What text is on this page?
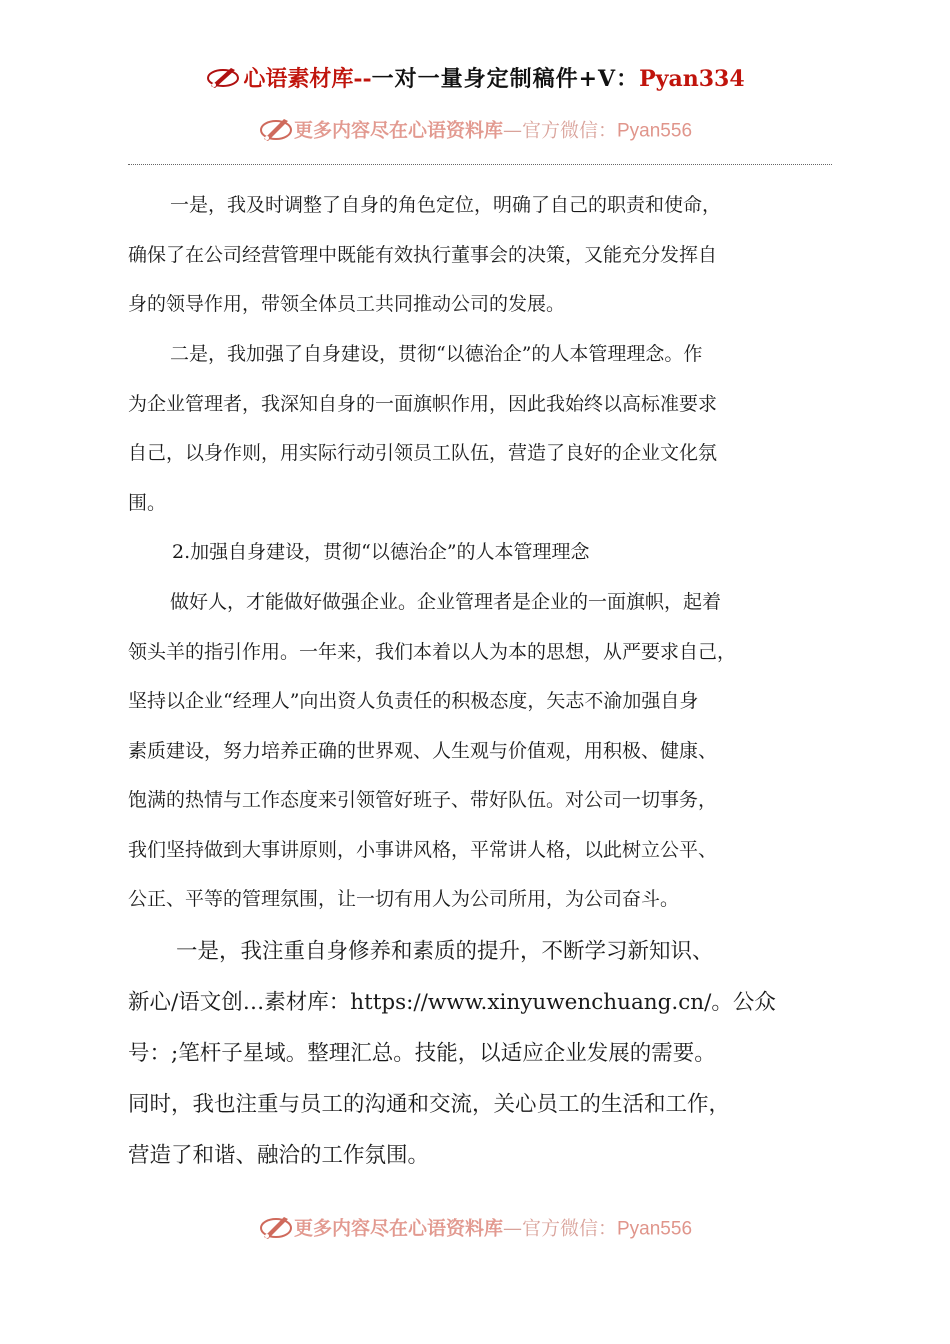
心语素材库--一对一量身定制稿件+V：Pyan334
更多内容尽在心语资料库—官方微信：Pyan556
一是，我及时调整了自身的角色定位，明确了自己的职责和使命，
确保了在公司经营管理中既能有效执行董事会的决策，又能充分发挥自
身的领导作用，带领全体员工共同推动公司的发展。
二是，我加强了自身建设，贯彻“以德治企”的人本管理理念。作
为企业管理者，我深知自身的一面旗帜作用，因此我始终以高标准要求
自己，以身作则，用实际行动引领员工队伍，营造了良好的企业文化氛
围。
2.加强自身建设，贯彻“以德治企”的人本管理理念
做好人，才能做好做强企业。企业管理者是企业的一面旗帜，起着
领头羊的指引作用。一年来，我们本着以人为本的思想，从严要求自己，
坚持以企业“经理人”向出资人负责任的积极态度，矢志不渝加强自身
素质建设，努力培养正确的世界观、人生观与价值观，用积极、健康、
饱满的热情与工作态度来引领管好班子、带好队伍。对公司一切事务，
我们坚持做到大事讲原则，小事讲风格，平常讲人格，以此树立公平、
公正、平等的管理氛围，让一切有用人为公司所用，为公司奋斗。
一是，我注重自身修养和素质的提升，不断学习新知识、
新心/语文创…素材库：https://www.xinyuwenchuang.cn/。公众
号：;笔杆子星域。整理汇总。技能，以适应企业发展的需要。
同时，我也注重与员工的沟通和交流，关心员工的生活和工作，
营造了和谐、融洽的工作氛围。
更多内容尽在心语资料库—官方微信：Pyan556
